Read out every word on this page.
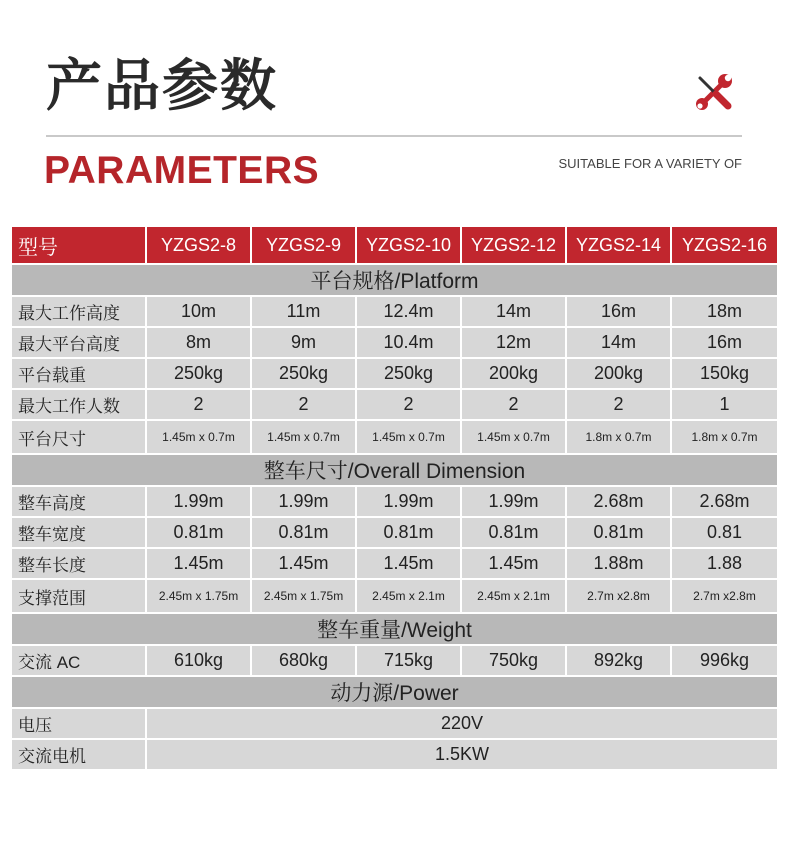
产品参数
PARAMETERS	SUITABLE FOR A VARIETY OF
型号	YZGS2-8	YZGS2-9	YZGS2-10	YZGS2-12	YZGS2-14	YZGS2-16
平台规格/Platform						
最大工作高度	10m	11m	12.4m	14m	16m	18m
最大平台高度	8m	9m	10.4m	12m	14m	16m
平台载重	250kg	250kg	250kg	200kg	200kg	150kg
最大工作人数	2	2	2	2	2	1
平台尺寸	1.45m x 0.7m	1.45m x 0.7m	1.45m x 0.7m	1.45m x 0.7m	1.8m x 0.7m	1.8m x 0.7m
整车尺寸/Overall Dimension						
整车高度	1.99m	1.99m	1.99m	1.99m	2.68m	2.68m
整车宽度	0.81m	0.81m	0.81m	0.81m	0.81m	0.81
整车长度	1.45m	1.45m	1.45m	1.45m	1.88m	1.88
支撑范围	2.45m x 1.75m	2.45m x 1.75m	2.45m x 2.1m	2.45m x 2.1m	2.7m x2.8m	2.7m x2.8m
整车重量/Weight						
交流 AC	610kg	680kg	715kg	750kg	892kg	996kg
动力源/Power						
电压	220V					
交流电机	1.5KW					
